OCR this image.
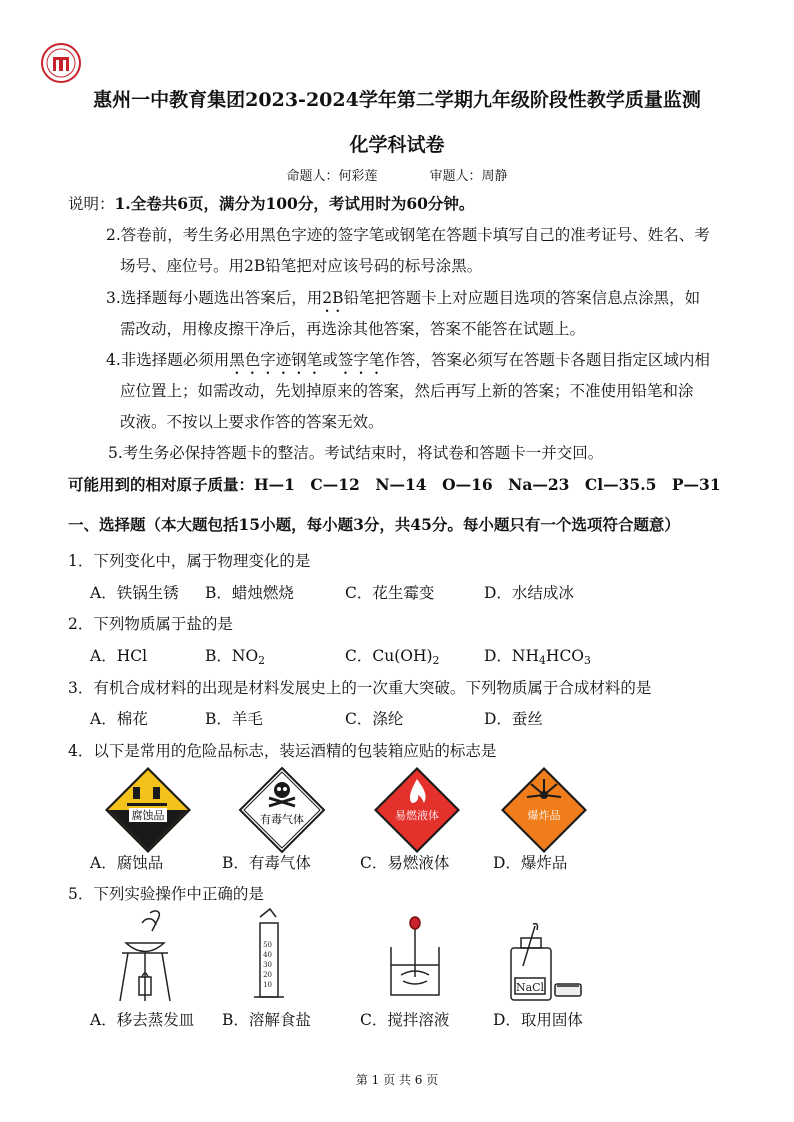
惠州一中教育集团2023-2024学年第二学期九年级阶段性教学质量监测
化学科试卷
命题人：何彩莲　　　　审题人：周静
说明：1.全卷共6页，满分为100分，考试用时为60分钟。
2.答卷前，考生务必用黑色字迹的签字笔或钢笔在答题卡填写自己的准考证号、姓名、考
场号、座位号。用2B铅笔把对应该号码的标号涂黑。
3.选择题每小题选出答案后，用2B铅笔把答题卡上对应题目选项的答案信息点涂黑，如
需改动，用橡皮擦干净后，再选涂其他答案，答案不能答在试题上。
4.非选择题必须用黑色字迹钢笔或签字笔作答，答案必须写在答题卡各题目指定区域内相
应位置上；如需改动，先划掉原来的答案，然后再写上新的答案；不准使用铅笔和涂
改液。不按以上要求作答的答案无效。
5.考生务必保持答题卡的整洁。考试结束时，将试卷和答题卡一并交回。
可能用到的相对原子质量：H—1　C—12　N—14　O—16　Na—23　Cl—35.5　P—31
一、选择题（本大题包括15小题，每小题3分，共45分。每小题只有一个选项符合题意）
1．下列变化中，属于物理变化的是
A．铁锅生锈 B．蜡烛燃烧	C．花生霉变	D．水结成冰
2．下列物质属于盐的是
A．HCl	B．$NO_2$	C．$Cu(OH)_2$	D．$NH_4HCO_3$
3．有机合成材料的出现是材料发展史上的一次重大突破。下列物质属于合成材料的是
A．棉花	B．羊毛	C．涤纶	D．蚕丝
4．以下是常用的危险品标志，装运酒精的包装箱应贴的标志是
腐蚀品	有毒气体	易燃液体	爆炸品
A．腐蚀品	B．有毒气体	C．易燃液体	D．爆炸品
5．下列实验操作中正确的是
50
40
30
20
10	NaCl
A．移去蒸发皿 B．溶解食盐	C．搅拌溶液	D．取用固体
第 1 页 共 6 页
